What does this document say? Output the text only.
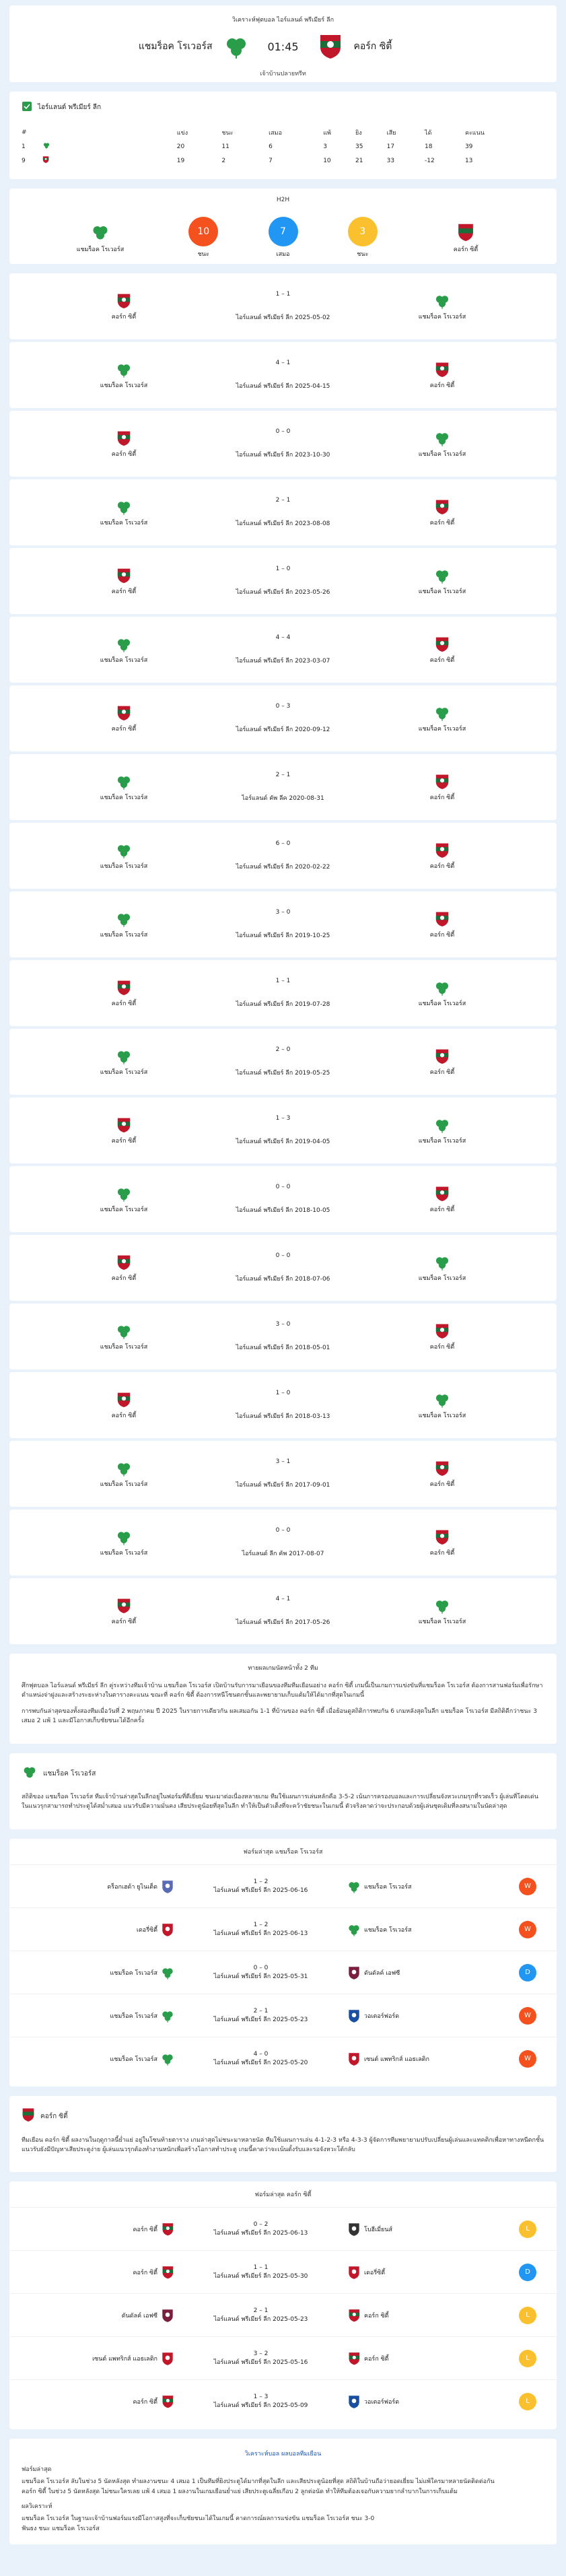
วิเคราะห์ฟุตบอล ไอร์แลนด์ พรีเมียร์ ลีก
แชมร็อค โรเวอร์ส	01:45	คอร์ก ซิตี้
เจ้าบ้านปลายทรีท
ไอร์แลนด์ พรีเมียร์ ลีก
#		แข่ง	ชนะ	เสมอ	แพ้	ยิง	เสีย	ได้	คะแนน
1		20	11	6	3	35	17	18	39
9		19	2	7	10	21	33	-12	13
H2H
แชมร็อค โรเวอร์ส
10
ชนะ
7
เสมอ
3
ชนะ
คอร์ก ซิตี้
คอร์ก ซิตี้
1 – 1
ไอร์แลนด์ พรีเมียร์ ลีก 2025-05-02	แชมร็อค โรเวอร์ส
แชมร็อค โรเวอร์ส
4 – 1
ไอร์แลนด์ พรีเมียร์ ลีก 2025-04-15	คอร์ก ซิตี้
คอร์ก ซิตี้
0 – 0
ไอร์แลนด์ พรีเมียร์ ลีก 2023-10-30	แชมร็อค โรเวอร์ส
แชมร็อค โรเวอร์ส
2 – 1
ไอร์แลนด์ พรีเมียร์ ลีก 2023-08-08	คอร์ก ซิตี้
คอร์ก ซิตี้
1 – 0
ไอร์แลนด์ พรีเมียร์ ลีก 2023-05-26	แชมร็อค โรเวอร์ส
แชมร็อค โรเวอร์ส
4 – 4
ไอร์แลนด์ พรีเมียร์ ลีก 2023-03-07	คอร์ก ซิตี้
คอร์ก ซิตี้
0 – 3
ไอร์แลนด์ พรีเมียร์ ลีก 2020-09-12	แชมร็อค โรเวอร์ส
แชมร็อค โรเวอร์ส
2 – 1
ไอร์แลนด์ คัพ ลีค 2020-08-31	คอร์ก ซิตี้
แชมร็อค โรเวอร์ส
6 – 0
ไอร์แลนด์ พรีเมียร์ ลีก 2020-02-22	คอร์ก ซิตี้
แชมร็อค โรเวอร์ส
3 – 0
ไอร์แลนด์ พรีเมียร์ ลีก 2019-10-25	คอร์ก ซิตี้
คอร์ก ซิตี้
1 – 1
ไอร์แลนด์ พรีเมียร์ ลีก 2019-07-28	แชมร็อค โรเวอร์ส
แชมร็อค โรเวอร์ส
2 – 0
ไอร์แลนด์ พรีเมียร์ ลีก 2019-05-25	คอร์ก ซิตี้
คอร์ก ซิตี้
1 – 3
ไอร์แลนด์ พรีเมียร์ ลีก 2019-04-05	แชมร็อค โรเวอร์ส
แชมร็อค โรเวอร์ส
0 – 0
ไอร์แลนด์ พรีเมียร์ ลีก 2018-10-05	คอร์ก ซิตี้
คอร์ก ซิตี้
0 – 0
ไอร์แลนด์ พรีเมียร์ ลีก 2018-07-06	แชมร็อค โรเวอร์ส
แชมร็อค โรเวอร์ส
3 – 0
ไอร์แลนด์ พรีเมียร์ ลีก 2018-05-01	คอร์ก ซิตี้
คอร์ก ซิตี้
1 – 0
ไอร์แลนด์ พรีเมียร์ ลีก 2018-03-13	แชมร็อค โรเวอร์ส
แชมร็อค โรเวอร์ส
3 – 1
ไอร์แลนด์ พรีเมียร์ ลีก 2017-09-01	คอร์ก ซิตี้
แชมร็อค โรเวอร์ส
0 – 0
ไอร์แลนด์ ลีก คัพ 2017-08-07	คอร์ก ซิตี้
คอร์ก ซิตี้
4 – 1
ไอร์แลนด์ พรีเมียร์ ลีก 2017-05-26	แชมร็อค โรเวอร์ส
ทายผลเกมนัดหน้าทั้ง 2 ทีม

ศึกฟุตบอล ไอร์แลนด์ พรีเมียร์ ลีก คู่ระหว่างทีมเจ้าบ้าน แชมร็อค โรเวอร์ส เปิดบ้านรับการมาเยือนของทีมทีมเยือนอย่าง คอร์ก ซิตี้ เกมนี้เป็นเกมการแข่งขันที่แชมร็อค โรเวอร์ส ต้องการสานฟอร์มเพื่อรักษาตำแหน่งจ่าฝูงและสร้างระยะห่างในตารางคะแนน ขณะที่ คอร์ก ซิตี้ ต้องการหนีโซนตกชั้นและพยายามเก็บแต้มให้ได้มากที่สุดในเกมนี้

การพบกันล่าสุดของทั้งสองทีมเมื่อวันที่ 2 พฤษภาคม ปี 2025 ในรายการเดียวกัน ผลเสมอกัน 1-1 ที่บ้านของ คอร์ก ซิตี้ เมื่อย้อนดูสถิติการพบกัน 6 เกมหลังสุดในลีก แชมร็อค โรเวอร์ส มีสถิติดีกว่าชนะ 3 เสมอ 2 แพ้ 1 และมีโอกาสเก็บชัยชนะได้อีกครั้ง

แชมร็อค โรเวอร์ส

สถิติของ แชมร็อค โรเวอร์ส ทีมเจ้าบ้านล่าสุดในลีกอยู่ในฟอร์มที่ดีเยี่ยม ชนะมาต่อเนื่องหลายเกม ทีมใช้แผนการเล่นหลักคือ 3-5-2 เน้นการครองบอลและการเปลี่ยนจังหวะเกมรุกที่รวดเร็ว ผู้เล่นที่โดดเด่นในแนวรุกสามารถทำประตูได้สม่ำเสมอ แนวรับมีความมั่นคง เสียประตูน้อยที่สุดในลีก ทำให้เป็นตัวเต็งที่จะคว้าชัยชนะในเกมนี้ ตัวจริงคาดว่าจะประกอบด้วยผู้เล่นชุดเดิมที่ลงสนามในนัดล่าสุด

ฟอร์มล่าสุด แชมร็อค โรเวอร์ส
ดร็อกเฮด้า ยูไนเต็ด
1 – 2
ไอร์แลนด์ พรีเมียร์ ลีก 2025-06-16	แชมร็อค โรเวอร์ส	W
เดอรี่ซิตี้
1 – 2
ไอร์แลนด์ พรีเมียร์ ลีก 2025-06-13	แชมร็อค โรเวอร์ส	W
แชมร็อค โรเวอร์ส
0 – 0
ไอร์แลนด์ พรีเมียร์ ลีก 2025-05-31	ดันดัลค์ เอฟซี	D
แชมร็อค โรเวอร์ส
2 – 1
ไอร์แลนด์ พรีเมียร์ ลีก 2025-05-23	วอเตอร์ฟอร์ด	W
แชมร็อค โรเวอร์ส
4 – 0
ไอร์แลนด์ พรีเมียร์ ลีก 2025-05-20	เซนต์ แพทริกส์ แอธเลติก	W
คอร์ก ซิตี้

ทีมเยือน คอร์ก ซิตี้ ผลงานในฤดูกาลนี้ย่ำแย่ อยู่ในโซนท้ายตาราง เกมล่าสุดไม่ชนะมาหลายนัด ทีมใช้แผนการเล่น 4-1-2-3 หรือ 4-3-3 ผู้จัดการทีมพยายามปรับเปลี่ยนผู้เล่นและแทคติกเพื่อหาทางหนีตกชั้น แนวรับยังมีปัญหาเสียประตูง่าย ผู้เล่นแนวรุกต้องทำงานหนักเพื่อสร้างโอกาสทำประตู เกมนี้คาดว่าจะเน้นตั้งรับและรอจังหวะโต้กลับ

ฟอร์มล่าสุด คอร์ก ซิตี้
คอร์ก ซิตี้
0 – 2
ไอร์แลนด์ พรีเมียร์ ลีก 2025-06-13	โบฮีเมี่ยนส์	L
คอร์ก ซิตี้
1 – 1
ไอร์แลนด์ พรีเมียร์ ลีก 2025-05-30	เดอรี่ซิตี้	D
ดันดัลค์ เอฟซี
2 – 1
ไอร์แลนด์ พรีเมียร์ ลีก 2025-05-23	คอร์ก ซิตี้	L
เซนต์ แพทริกส์ แอธเลติก
3 – 2
ไอร์แลนด์ พรีเมียร์ ลีก 2025-05-16	คอร์ก ซิตี้	L
คอร์ก ซิตี้
1 – 3
ไอร์แลนด์ พรีเมียร์ ลีก 2025-05-09	วอเตอร์ฟอร์ด	L
วิเคราะห์บอล ผลบอลทีมเยือน
ฟอร์มล่าสุด

แชมร็อค โรเวอร์ส ลับในช่วง 5 นัดหลังสุด ทำผลงานชนะ 4 เสมอ 1 เป็นทีมที่ยิงประตูได้มากที่สุดในลีก และเสียประตูน้อยที่สุด สถิติในบ้านถือว่ายอดเยี่ยม ไม่แพ้ใครมาหลายนัดติดต่อกัน

คอร์ก ซิตี้ ในช่วง 5 นัดหลังสุด ไม่ชนะใครเลย แพ้ 4 เสมอ 1 ผลงานในเกมเยือนย่ำแย่ เสียประตูเฉลี่ยเกือบ 2 ลูกต่อนัด ทำให้ทีมต้องเจอกับความยากลำบากในการเก็บแต้ม

ผลวิเคราะห์

แชมร็อค โรเวอร์ส ในฐานะเจ้าบ้านฟอร์มแรงมีโอกาสสูงที่จะเก็บชัยชนะได้ในเกมนี้ คาดการณ์ผลการแข่งขัน แชมร็อค โรเวอร์ส ชนะ 3-0

ฟันธง ชนะ แชมร็อค โรเวอร์ส
